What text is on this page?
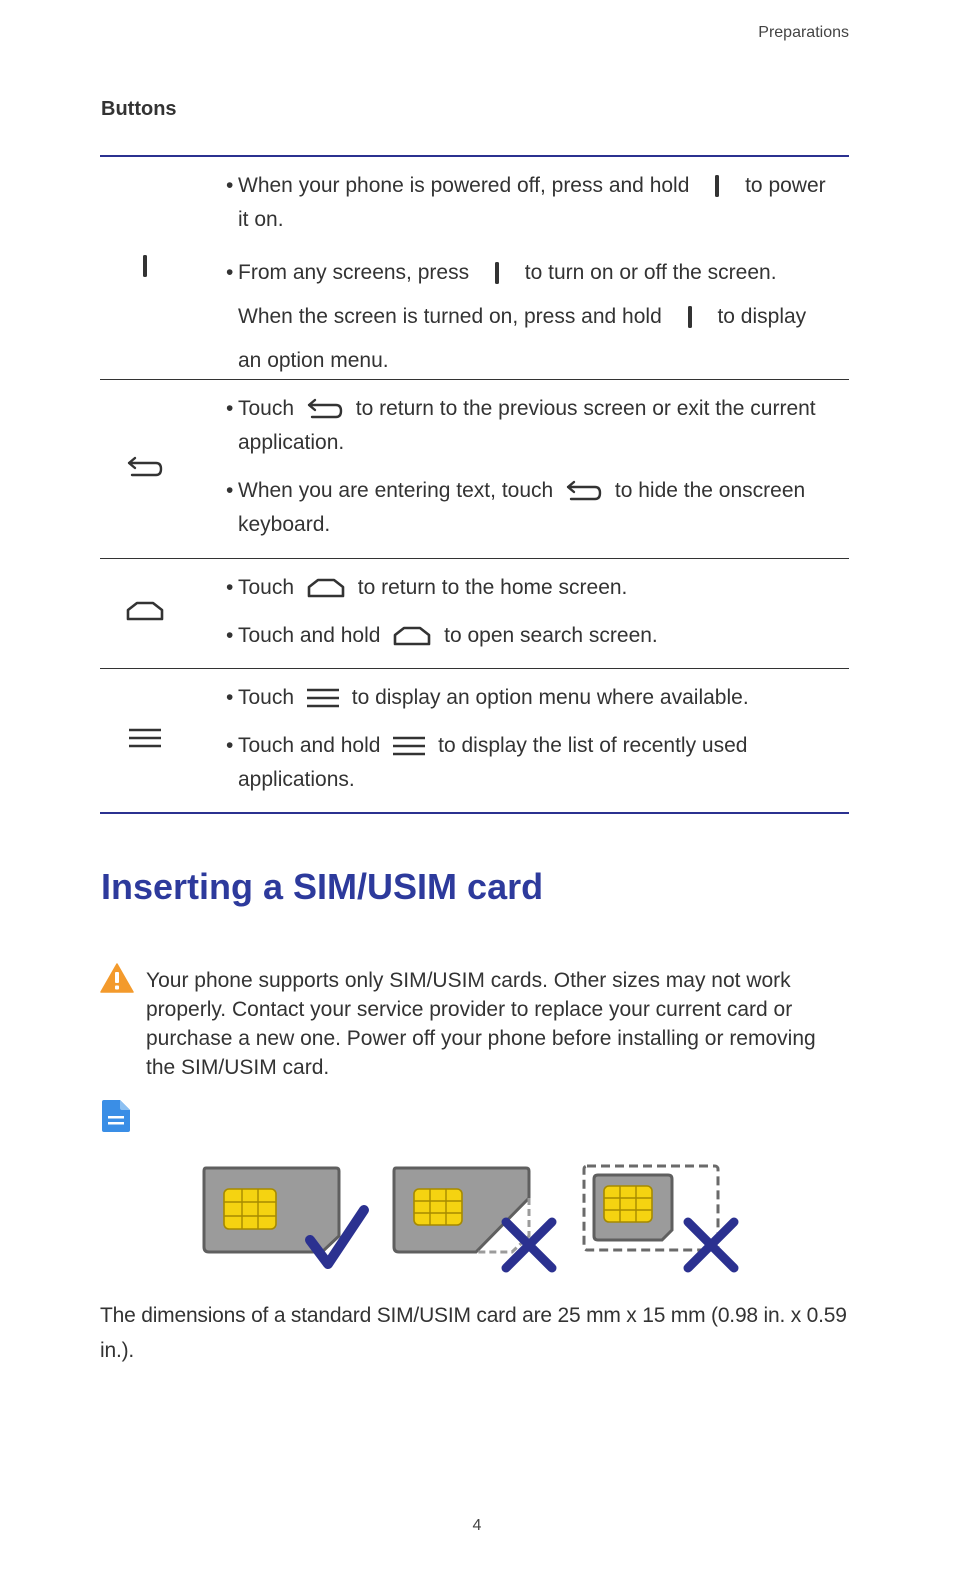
Preparations
Buttons

• When your phone is powered off, press and hold	to power it on.

• From any screens, press	to turn on or off the screen. When the screen is turned on, press and hold	to display an option menu.

• Touch	to return to the previous screen or exit the current application.

• When you are entering text, touch	to hide the onscreen keyboard.

• Touch	to return to the home screen.

• Touch and hold	to open search screen.

• Touch	to display an option menu where available.

• Touch and hold	to display the list of recently used applications.

Inserting a SIM/USIM card
Your phone supports only SIM/USIM cards. Other sizes may not work properly. Contact your service provider to replace your current card or purchase a new one. Power off your phone before installing or removing the SIM/USIM card.
The dimensions of a standard SIM/USIM card are 25 mm x 15 mm (0.98 in. x 0.59 in.).
4
